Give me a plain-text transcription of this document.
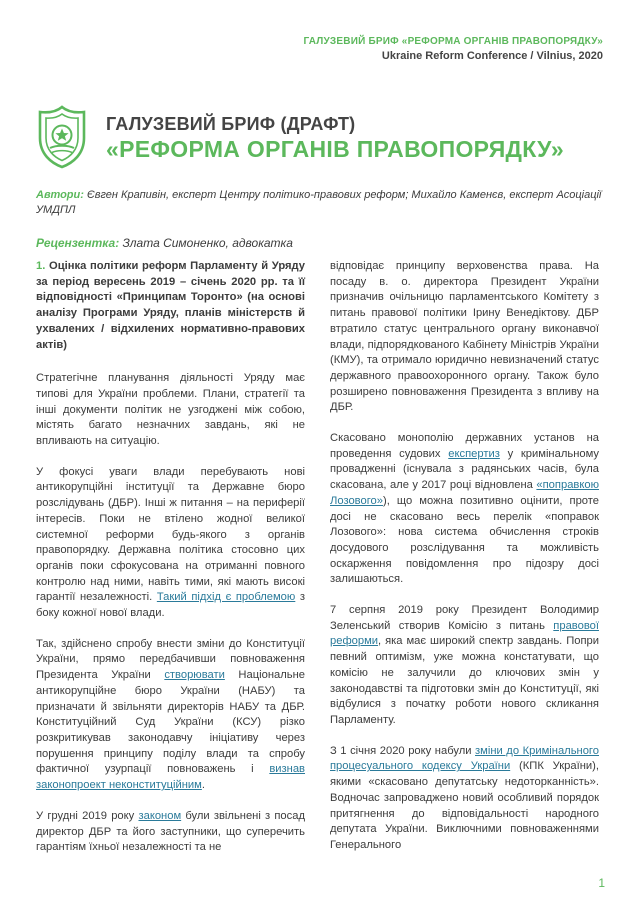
ГАЛУЗЕВИЙ БРИФ «РЕФОРМА ОРГАНІВ ПРАВОПОРЯДКУ»
Ukraine Reform Conference / Vilnius, 2020
ГАЛУЗЕВИЙ БРИФ (ДРАФТ)
«РЕФОРМА ОРГАНІВ ПРАВОПОРЯДКУ»
Автори: Євген Крапивін, експерт Центру політико-правових реформ; Михайло Каменєв, експерт Асоціації УМДПЛ
Рецензентка: Злата Симоненко, адвокатка

1. Оцінка політики реформ Парламенту й Уряду за період вересень 2019 – січень 2020 рр. та її відповідності «Принципам Торонто» (на основі аналізу Програми Уряду, планів міністерств й ухвалених / відхилених нормативно-правових актів)

Стратегічне планування діяльності Уряду має типові для України проблеми. Плани, стратегії та інші документи політик не узгоджені між собою, містять багато незначних завдань, які не впливають на ситуацію.

У фокусі уваги влади перебувають нові антикорупційні інституції та Державне бюро розслідувань (ДБР). Інші ж питання – на периферії інтересів. Поки не втілено жодної великої системної реформи будь-якого з органів правопорядку. Державна політика стосовно цих органів поки сфокусована на отриманні повного контролю над ними, навіть тими, які мають високі гарантії незалежності. Такий підхід є проблемою з боку кожної нової влади.

Так, здійснено спробу внести зміни до Конституції України, прямо передбачивши повноваження Президента України створювати Національне антикорупційне бюро України (НАБУ) та призначати й звільняти директорів НАБУ та ДБР. Конституційний Суд України (КСУ) різко розкритикував законодавчу ініціативу через порушення принципу поділу влади та спробу фактичної узурпації повноважень і визнав законопроект неконституційним.

У грудні 2019 року законом були звільнені з посад директор ДБР та його заступники, що суперечить гарантіям їхньої незалежності та не

відповідає принципу верховенства права. На посаду в. о. директора Президент України призначив очільницю парламентського Комітету з питань правової політики Ірину Венедіктову. ДБР втратило статус центрального органу виконавчої влади, підпорядкованого Кабінету Міністрів України (КМУ), та отримало юридично невизначений статус державного правоохоронного органу. Також було розширено повноваження Президента з впливу на ДБР.

Скасовано монополію державних установ на проведення судових експертиз у кримінальному провадженні (існувала з радянських часів, була скасована, але у 2017 році відновлена «поправкою Лозового»), що можна позитивно оцінити, проте досі не скасовано весь перелік «поправок Лозового»: нова система обчислення строків досудового розслідування та можливість оскарження повідомлення про підозру досі залишаються.

7 серпня 2019 року Президент Володимир Зеленський створив Комісію з питань правової реформи, яка має широкий спектр завдань. Попри певний оптимізм, уже можна констатувати, що комісію не залучили до ключових змін у законодавстві та підготовки змін до Конституції, які відбулися з початку роботи нового скликання Парламенту.

З 1 січня 2020 року набули зміни до Кримінального процесуального кодексу України (КПК України), якими «скасовано депутатську недоторканність». Водночас запроваджено новий особливий порядок притягнення до відповідальності народного депутата України. Виключними повноваженнями Генерального

1
